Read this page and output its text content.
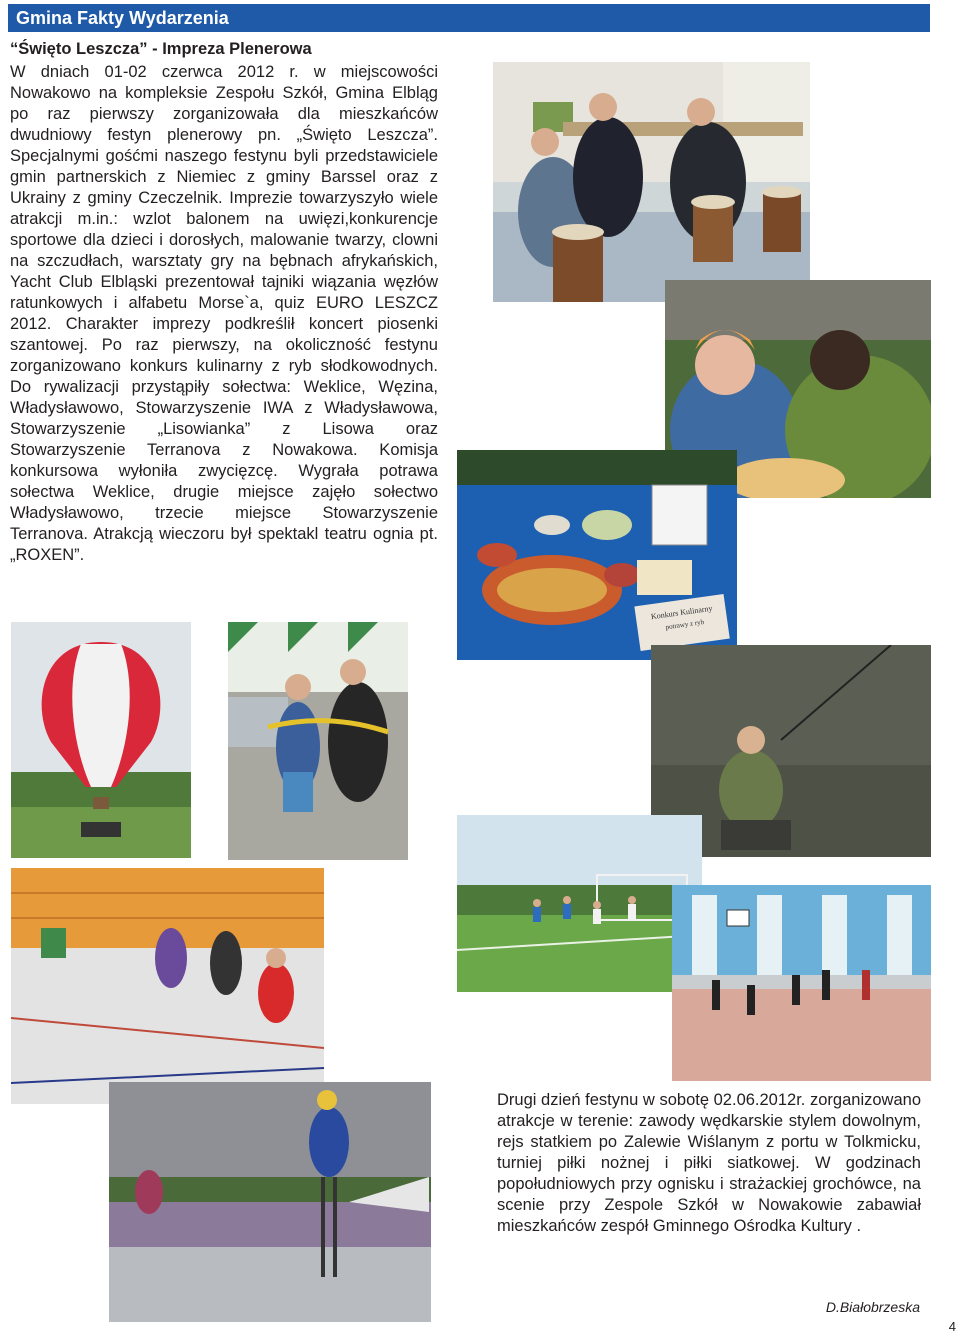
Gmina Fakty Wydarzenia
“Święto Leszcza” - Impreza Plenerowa

W dniach 01-02 czerwca 2012 r. w miejscowości Nowakowo na kompleksie Zespołu Szkół, Gmina Elbląg po raz pierwszy zorganizowała dla mieszkańców dwudniowy festyn plenerowy pn. „Święto Leszcza”. Specjalnymi gośćmi naszego festynu byli przedstawiciele gmin partnerskich z Niemiec z gminy Barssel oraz z Ukrainy z gminy Czeczelnik. Imprezie towarzyszyło wiele atrakcji m.in.: wzlot balonem na uwięzi,konkurencje sportowe dla dzieci i dorosłych, malowanie twarzy, clowni na szczudłach, warsztaty gry na bębnach afrykańskich, Yacht Club Elbląski prezentował tajniki wiązania węzłów ratunkowych i alfabetu Morse`a, quiz EURO LESZCZ 2012. Charakter imprezy podkreślił koncert piosenki szantowej. Po raz pierwszy, na okoliczność festynu zorganizowano konkurs kulinarny z ryb słodkowodnych. Do rywalizacji przystąpiły sołectwa: Weklice, Węzina, Władysławowo, Stowarzyszenie IWA z Władysławowa, Stowarzyszenie „Lisowianka” z Lisowa oraz Stowarzyszenie Terranova z Nowakowa. Komisja konkursowa wyłoniła zwycięzcę. Wygrała potrawa sołectwa Weklice, drugie miejsce zajęło sołectwo Władysławowo, trzecie miejsce Stowarzyszenie Terranova. Atrakcją wieczoru był spektakl teatru ognia pt. „ROXEN”.

Konkurs Kulinarny
potrawy z ryb
Drugi dzień festynu w sobotę 02.06.2012r. zorganizowano atrakcje w terenie: zawody wędkarskie stylem dowolnym, rejs statkiem po Zalewie Wiślanym z portu w Tolkmicku, turniej piłki nożnej i piłki siatkowej. W godzinach popołudniowych przy ognisku i strażackiej grochówce, na scenie przy Zespole Szkół w Nowakowie zabawiał mieszkańców zespół Gminnego Ośrodka Kultury .
D.Białobrzeska
4
